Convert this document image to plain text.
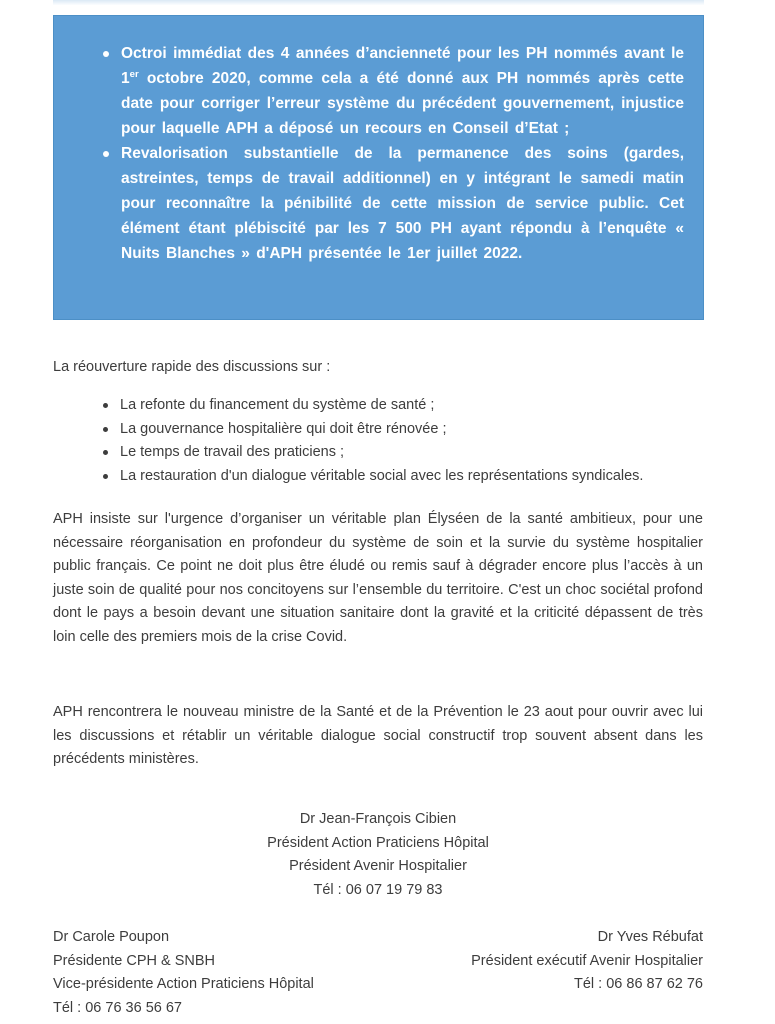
Octroi immédiat des 4 années d’ancienneté pour les PH nommés avant le 1er octobre 2020, comme cela a été donné aux PH nommés après cette date pour corriger l’erreur système du précédent gouvernement, injustice pour laquelle APH a déposé un recours en Conseil d’Etat ;
Revalorisation substantielle de la permanence des soins (gardes, astreintes, temps de travail additionnel) en y intégrant le samedi matin pour reconnaître la pénibilité de cette mission de service public. Cet élément étant plébiscité par les 7 500 PH ayant répondu à l’enquête « Nuits Blanches » d'APH présentée le 1er juillet 2022.

La réouverture rapide des discussions sur :

La refonte du financement du système de santé ;
La gouvernance hospitalière qui doit être rénovée ;
Le temps de travail des praticiens ;
La restauration d'un dialogue véritable social avec les représentations syndicales.

APH insiste sur l'urgence d’organiser un véritable plan Élyséen de la santé ambitieux, pour une nécessaire réorganisation en profondeur du système de soin et la survie du système hospitalier public français. Ce point ne doit plus être éludé ou remis sauf à dégrader encore plus l’accès à un juste soin de qualité pour nos concitoyens sur l’ensemble du territoire. C'est un choc sociétal profond dont le pays a besoin devant une situation sanitaire dont la gravité et la criticité dépassent de très loin celle des premiers mois de la crise Covid.

APH rencontrera le nouveau ministre de la Santé et de la Prévention le 23 aout pour ouvrir avec lui les discussions et rétablir un véritable dialogue social constructif trop souvent absent dans les précédents ministères.

Dr Jean-François Cibien
Président Action Praticiens Hôpital
Président Avenir Hospitalier
Tél : 06 07 19 79 83
Dr Carole Poupon
Présidente CPH & SNBH
Vice-présidente Action Praticiens Hôpital
Tél : 06 76 36 56 67
Dr Yves Rébufat
Président exécutif Avenir Hospitalier
Tél : 06 86 87 62 76
